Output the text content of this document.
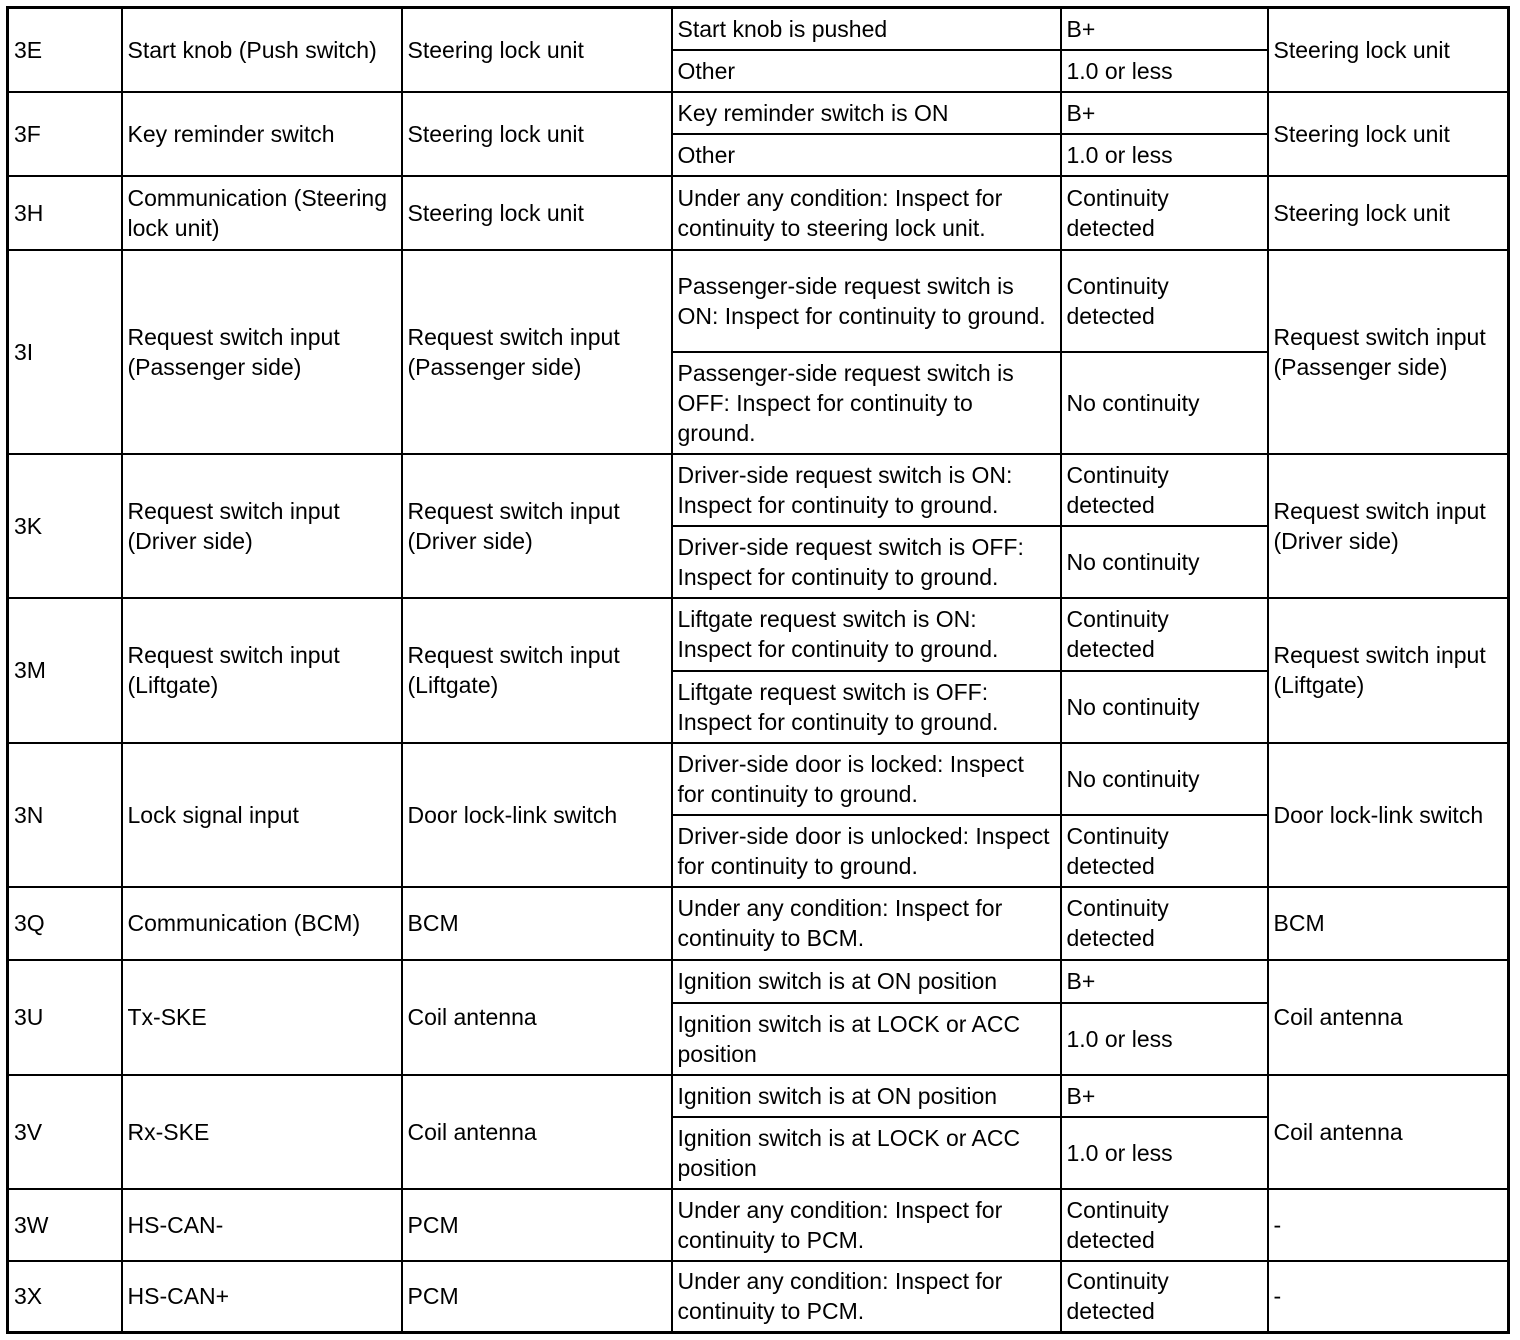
3E	Start knob (Push switch)	Steering lock unit	Start knob is pushed	B+	Steering lock unit
			Other	1.0 or less	
3F	Key reminder switch	Steering lock unit	Key reminder switch is ON	B+	Steering lock unit
			Other	1.0 or less	
3H	Communication (Steering lock unit)	Steering lock unit	Under any condition: Inspect for continuity to steering lock unit.	Continuity detected	Steering lock unit
3I	Request switch input (Passenger side)	Request switch input (Passenger side)	Passenger-side request switch is ON: Inspect for continuity to ground.	Continuity detected	Request switch input (Passenger side)
			Passenger-side request switch is OFF: Inspect for continuity to ground.	No continuity	
3K	Request switch input (Driver side)	Request switch input (Driver side)	Driver-side request switch is ON: Inspect for continuity to ground.	Continuity detected	Request switch input (Driver side)
			Driver-side request switch is OFF: Inspect for continuity to ground.	No continuity	
3M	Request switch input (Liftgate)	Request switch input (Liftgate)	Liftgate request switch is ON: Inspect for continuity to ground.	Continuity detected	Request switch input (Liftgate)
			Liftgate request switch is OFF: Inspect for continuity to ground.	No continuity	
3N	Lock signal input	Door lock-link switch	Driver-side door is locked: Inspect for continuity to ground.	No continuity	Door lock-link switch
			Driver-side door is unlocked: Inspect for continuity to ground.	Continuity detected	
3Q	Communication (BCM)	BCM	Under any condition: Inspect for continuity to BCM.	Continuity detected	BCM
3U	Tx-SKE	Coil antenna	Ignition switch is at ON position	B+	Coil antenna
			Ignition switch is at LOCK or ACC position	1.0 or less	
3V	Rx-SKE	Coil antenna	Ignition switch is at ON position	B+	Coil antenna
			Ignition switch is at LOCK or ACC position	1.0 or less	
3W	HS-CAN-	PCM	Under any condition: Inspect for continuity to PCM.	Continuity detected	-
3X	HS-CAN+	PCM	Under any condition: Inspect for continuity to PCM.	Continuity detected	-
